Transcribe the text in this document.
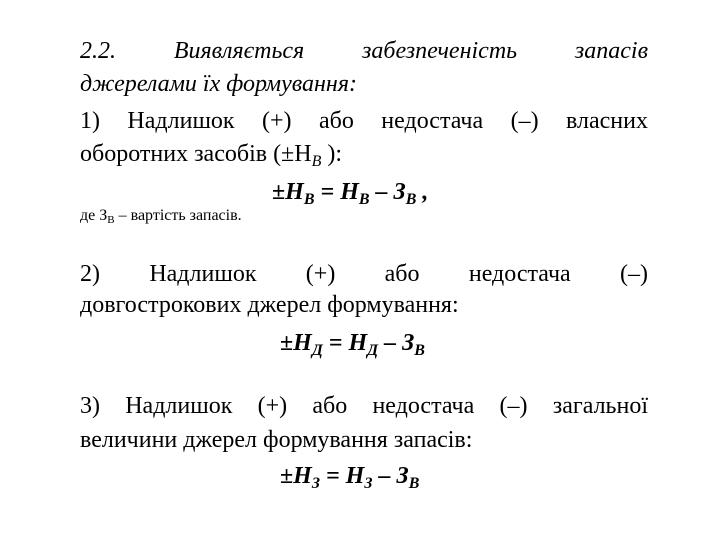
2.2. Виявляється забезпеченість запасів
джерелами їх формування:
1) Надлишок (+) або недостача (–) власних
оборотних засобів ($\pm Н_В$ ):
$\pm Н_В = Н_В - З_В$ ,
де $З_В$ – вартість запасів.
2) Надлишок (+) або недостача (–)
довгострокових джерел формування:
$\pm Н_Д = Н_Д - З_В$
3) Надлишок (+) або недостача (–) загальної
величини джерел формування запасів:
$\pm Н_З = Н_З - З_В$
